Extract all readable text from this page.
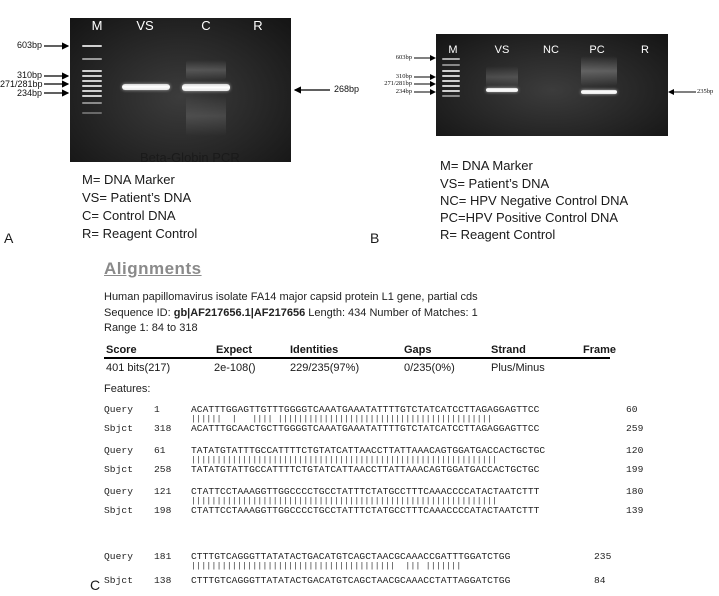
M	VS	C	R
603bp
310bp
271/281bp
234bp	268bp
Beta-Globin PCR
M= DNA Marker
VS= Patient’s DNA
C= Control DNA
R= Reagent Control
A
M	VS	NC	PC	R
603bp
310bp
271/281bp
234bp	235bp
M= DNA Marker
VS= Patient’s DNA
NC= HPV Negative Control DNA
PC=HPV Positive Control DNA
R= Reagent Control
B
Alignments
Human papillomavirus isolate FA14 major capsid protein L1 gene, partial cds
Sequence ID: gb|AF217656.1|AF217656 Length: 434 Number of Matches: 1
Range 1: 84 to 318
Score	Expect	Identities	Gaps	Strand	Frame
401 bits(217)	2e-108()	229/235(97%)	0/235(0%)	Plus/Minus
Features:
Query 1	ACATTTGGAGTTGTTTGGGGTCAAATGAAATATTTTGTCTATCATCCTTAGAGGAGTTCC	60
||||||  |   |||| ||||||||||||||||||||||||||||||||||||||||||
Sbjct 318 ACATTTGCAACTGCTTGGGGTCAAATGAAATATTTTGTCTATCATCCTTAGAGGAGTTCC	259
Query 61	TATATGTATTTGCCATTTTCTGTATCATTAACCTTATTAAACAGTGGATGACCACTGCTGC	120
||||||||||||||||||||||||||||||||||||||||||||||||||||||||||||
Sbjct 258 TATATGTATTGCCATTTTCTGTATCATTAACCTTATTAAACAGTGGATGACCACTGCTGC	199
Query 121 CTATTCCTAAAGGTTGGCCCCTGCCTATTTCTATGCCTTTCAAACCCCATACTAATCTTT	180
||||||||||||||||||||||||||||||||||||||||||||||||||||||||||||
Sbjct 198 CTATTCCTAAAGGTTGGCCCCTGCCTATTTCTATGCCTTTCAAACCCCATACTAATCTTT	139
Query 181 CTTTGTCAGGGTTATATACTGACATGTCAGCTAACGCAAACCGATTTGGATCTGG	235
||||||||||||||||||||||||||||||||||||||||  ||| |||||||
Sbjct 138 CTTTGTCAGGGTTATATACTGACATGTCAGCTAACGCAAACCTATTAGGATCTGG	84
C
